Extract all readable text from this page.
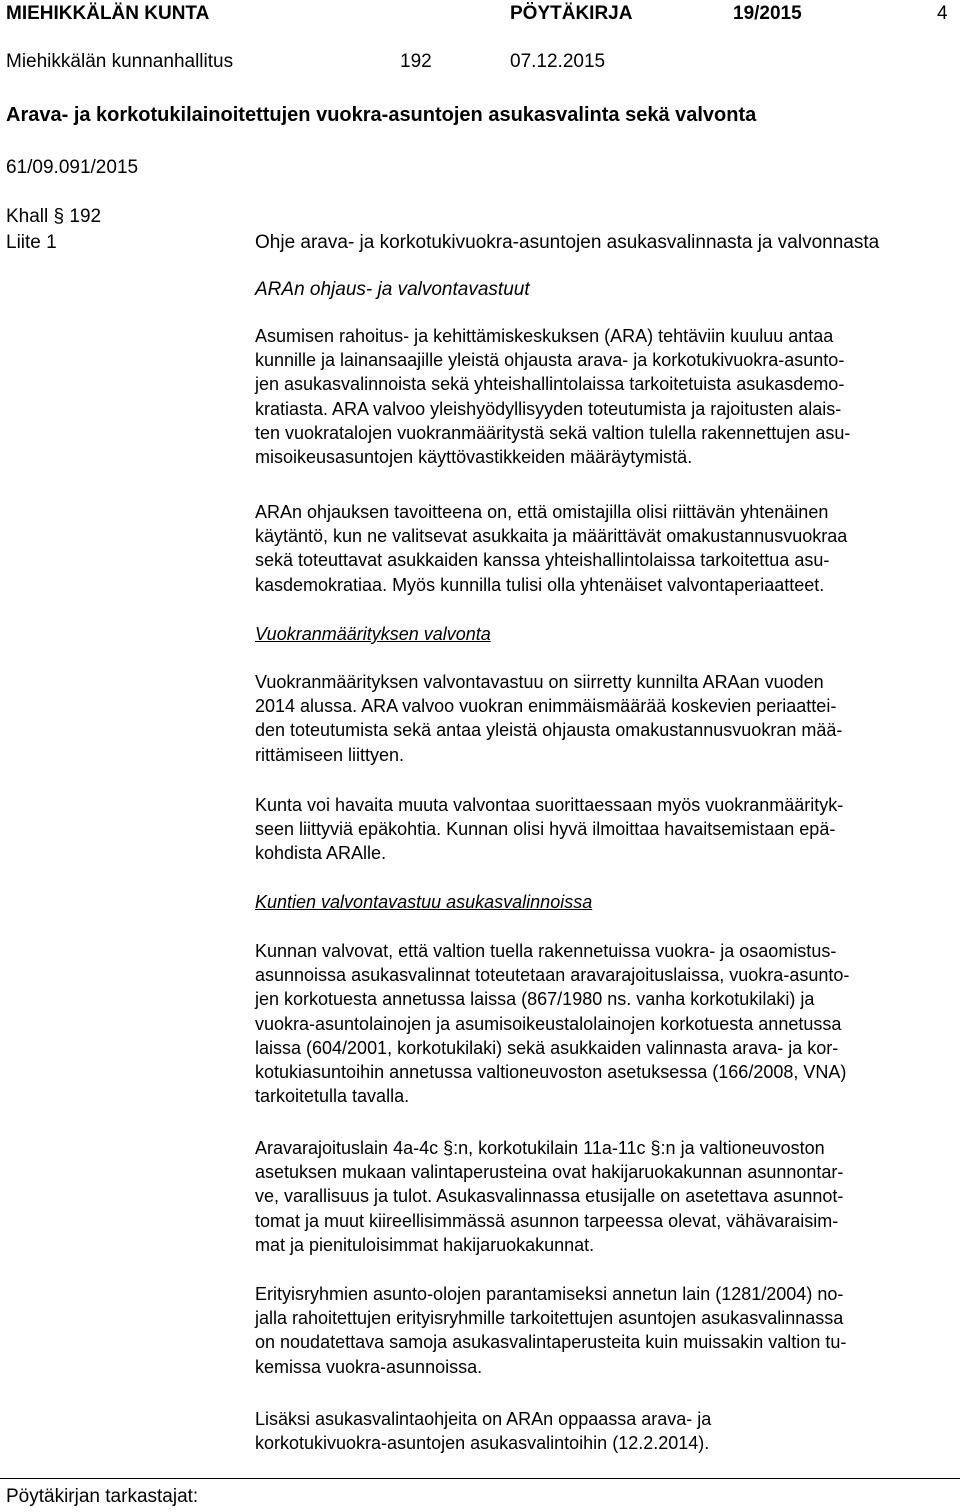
MIEHIKKÄLÄN KUNTA	PÖYTÄKIRJA	19/2015	4
Miehikkälän kunnanhallitus	192	07.12.2015
Arava- ja korkotukilainoitettujen vuokra-asuntojen asukasvalinta sekä valvonta
61/09.091/2015
Khall § 192
Liite 1	Ohje arava- ja korkotukivuokra-asuntojen asukasvalinnasta ja valvonnasta
ARAn ohjaus- ja valvontavastuut

Asumisen rahoitus- ja kehittämiskeskuksen (ARA) tehtäviin kuuluu antaa

kunnille ja lainansaajille yleistä ohjausta arava- ja korkotukivuokra-asunto-

jen asukasvalinnoista sekä yhteishallintolaissa tarkoitetuista asukasdemo-

kratiasta. ARA valvoo yleishyödyllisyyden toteutumista ja rajoitusten alais-

ten vuokratalojen vuokranmääritystä sekä valtion tulella rakennettujen asu-

misoikeusasuntojen käyttövastikkeiden määräytymistä.

ARAn ohjauksen tavoitteena on, että omistajilla olisi riittävän yhtenäinen

käytäntö, kun ne valitsevat asukkaita ja määrittävät omakustannusvuokraa

sekä toteuttavat asukkaiden kanssa yhteishallintolaissa tarkoitettua asu-

kasdemokratiaa. Myös kunnilla tulisi olla yhtenäiset valvontaperiaatteet.

Vuokranmäärityksen valvonta

Vuokranmäärityksen valvontavastuu on siirretty kunnilta ARAan vuoden

2014 alussa. ARA valvoo vuokran enimmäismäärää koskevien periaattei-

den toteutumista sekä antaa yleistä ohjausta omakustannusvuokran mää-

rittämiseen liittyen.

Kunta voi havaita muuta valvontaa suorittaessaan myös vuokranmäärityk-

seen liittyviä epäkohtia. Kunnan olisi hyvä ilmoittaa havaitsemistaan epä-

kohdista ARAlle.

Kuntien valvontavastuu asukasvalinnoissa

Kunnan valvovat, että valtion tuella rakennetuissa vuokra- ja osaomistus-

asunnoissa asukasvalinnat toteutetaan aravarajoituslaissa, vuokra-asunto-

jen korkotuesta annetussa laissa (867/1980 ns. vanha korkotukilaki) ja

vuokra-asuntolainojen ja asumisoikeustalolainojen korkotuesta annetussa

laissa (604/2001, korkotukilaki) sekä asukkaiden valinnasta arava- ja kor-

kotukiasuntoihin annetussa valtioneuvoston asetuksessa (166/2008, VNA)

tarkoitetulla tavalla.

Aravarajoituslain 4a-4c §:n, korkotukilain 11a-11c §:n ja valtioneuvoston

asetuksen mukaan valintaperusteina ovat hakijaruokakunnan asunnontar-

ve, varallisuus ja tulot. Asukasvalinnassa etusijalle on asetettava asunnot-

tomat ja muut kiireellisimmässä asunnon tarpeessa olevat, vähävaraisim-

mat ja pienituloisimmat hakijaruokakunnat.

Erityisryhmien asunto-olojen parantamiseksi annetun lain (1281/2004) no-

jalla rahoitettujen erityisryhmille tarkoitettujen asuntojen asukasvalinnassa

on noudatettava samoja asukasvalintaperusteita kuin muissakin valtion tu-

kemissa vuokra-asunnoissa.

Lisäksi asukasvalintaohjeita on ARAn oppaassa arava- ja

korkotukivuokra-asuntojen asukasvalintoihin (12.2.2014).

Pöytäkirjan tarkastajat:
